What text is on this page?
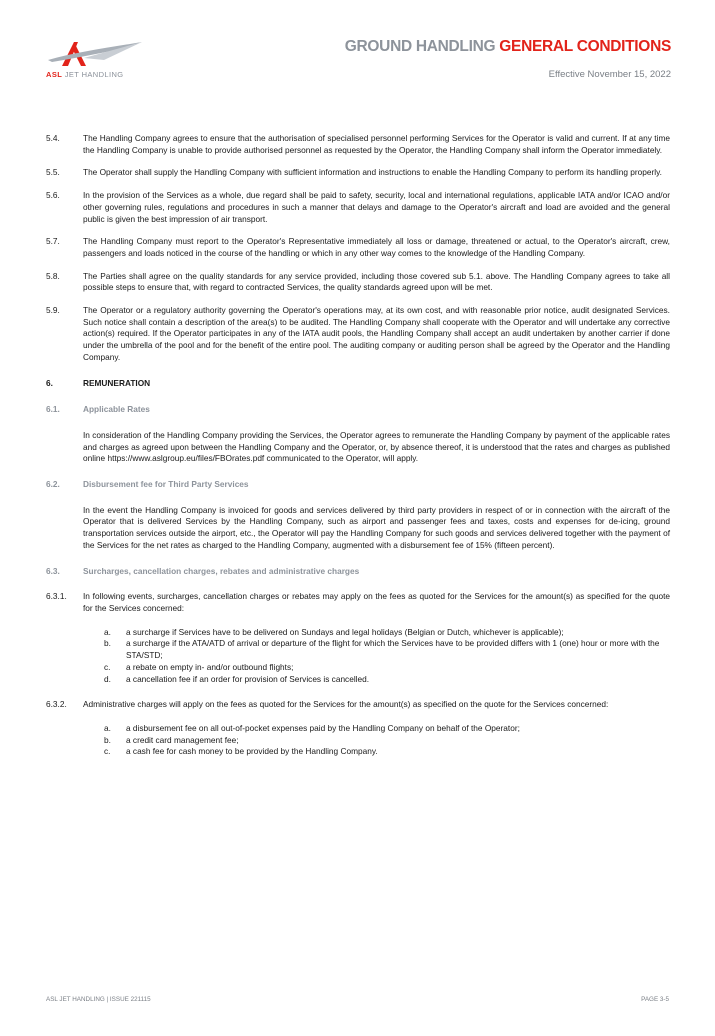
ASL JET HANDLING
GROUND HANDLING GENERAL CONDITIONS
Effective November 15, 2022
5.4.	The Handling Company agrees to ensure that the authorisation of specialised personnel performing Services for the Operator is valid and current. If at any time the Handling Company is unable to provide authorised personnel as requested by the Operator, the Handling Company shall inform the Operator immediately.
5.5.	The Operator shall supply the Handling Company with sufficient information and instructions to enable the Handling Company to perform its handling properly.
5.6.	In the provision of the Services as a whole, due regard shall be paid to safety, security, local and international regulations, applicable IATA and/or ICAO and/or other governing rules, regulations and procedures in such a manner that delays and damage to the Operator's aircraft and load are avoided and the general public is given the best impression of air transport.
5.7.	The Handling Company must report to the Operator's Representative immediately all loss or damage, threatened or actual, to the Operator's aircraft, crew, passengers and loads noticed in the course of the handling or which in any other way comes to the knowledge of the Handling Company.
5.8.	The Parties shall agree on the quality standards for any service provided, including those covered sub 5.1. above. The Handling Company agrees to take all possible steps to ensure that, with regard to contracted Services, the quality standards agreed upon will be met.
5.9.	The Operator or a regulatory authority governing the Operator's operations may, at its own cost, and with reasonable prior notice, audit designated Services. Such notice shall contain a description of the area(s) to be audited. The Handling Company shall cooperate with the Operator and will undertake any corrective action(s) required. If the Operator participates in any of the IATA audit pools, the Handling Company shall accept an audit undertaken by another carrier if done under the umbrella of the pool and for the benefit of the entire pool. The auditing company or auditing person shall be agreed by the Operator and the Handling Company.
6.	REMUNERATION
6.1.	Applicable Rates
In consideration of the Handling Company providing the Services, the Operator agrees to remunerate the Handling Company by payment of the applicable rates and charges as agreed upon between the Handling Company and the Operator, or, by absence thereof, it is understood that the rates and charges as published online https://www.aslgroup.eu/files/FBOrates.pdf communicated to the Operator, will apply.
6.2.	Disbursement fee for Third Party Services
In the event the Handling Company is invoiced for goods and services delivered by third party providers in respect of or in connection with the aircraft of the Operator that is delivered Services by the Handling Company, such as airport and passenger fees and taxes, costs and expenses for de-icing, ground transportation services outside the airport, etc., the Operator will pay the Handling Company for such goods and services delivered together with the payment of the Services for the net rates as charged to the Handling Company, augmented with a disbursement fee of 15% (fifteen percent).
6.3.	Surcharges, cancellation charges, rebates and administrative charges
6.3.1.	In following events, surcharges, cancellation charges or rebates may apply on the fees as quoted for the Services for the amount(s) as specified for the quote for the Services concerned:
a.	a surcharge if Services have to be delivered on Sundays and legal holidays (Belgian or Dutch, whichever is applicable);
b.	a surcharge if the ATA/ATD of arrival or departure of the flight for which the Services have to be provided differs with 1 (one) hour or more with the STA/STD;
c.	a rebate on empty in- and/or outbound flights;
d.	a cancellation fee if an order for provision of Services is cancelled.
6.3.2.	Administrative charges will apply on the fees as quoted for the Services for the amount(s) as specified on the quote for the Services concerned:
a.	a disbursement fee on all out-of-pocket expenses paid by the Handling Company on behalf of the Operator;
b.	a credit card management fee;
c.	a cash fee for cash money to be provided by the Handling Company.
ASL JET HANDLING | ISSUE 221115	PAGE 3-5
